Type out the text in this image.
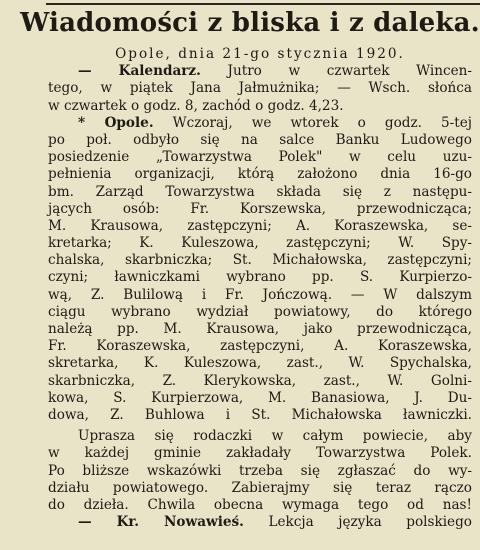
Wiadomości z bliska i z daleka.
Opole, dnia 21-go stycznia 1920.
— Kalendarz. Jutro w czwartek Wincen-
tego, w piątek Jana Jałmużnika; — Wsch. słońca
w czwartek o godz. 8, zachód o godz. 4,23.
* Opole. Wczoraj, we wtorek o godz. 5-tej
po poł. odbyło się na salce Banku Ludowego
posiedzenie „Towarzystwa Polek" w celu uzu-
pełnienia organizacji, którą założono dnia 16-go
bm. Zarząd Towarzystwa składa się z następu-
jących osób: Fr. Korszewska, przewodnicząca;
M. Krausowa, zastępczyni; A. Koraszewska, se-
kretarka; K. Kuleszowa, zastępczyni; W. Spy-
chalska, skarbniczka; St. Michałowska, zastępczyni;
czyni; ławniczkami wybrano pp. S. Kurpierzo-
wą, Z. Bulilową i Fr. Jończową. — W dalszym
ciągu wybrano wydział powiatowy, do którego
należą pp. M. Krausowa, jako przewodnicząca,
Fr. Koraszewska, zastępczyni, A. Koraszewska,
skretarka, K. Kuleszowa, zast., W. Spychalska,
skarbniczka, Z. Klerykowska, zast., W. Golni-
kowa, S. Kurpierzowa, M. Banasiowa, J. Du-
dowa, Z. Buhlowa i St. Michałowska ławniczki.
Uprasza się rodaczki w całym powiecie, aby
w każdej gminie zakładały Towarzystwa Polek.
Po bliższe wskazówki trzeba się zgłaszać do wy-
działu powiatowego. Zabierajmy się teraz rączo
do dzieła. Chwila obecna wymaga tego od nas!
— Kr. Nowawieś. Lekcja języka polskiego
